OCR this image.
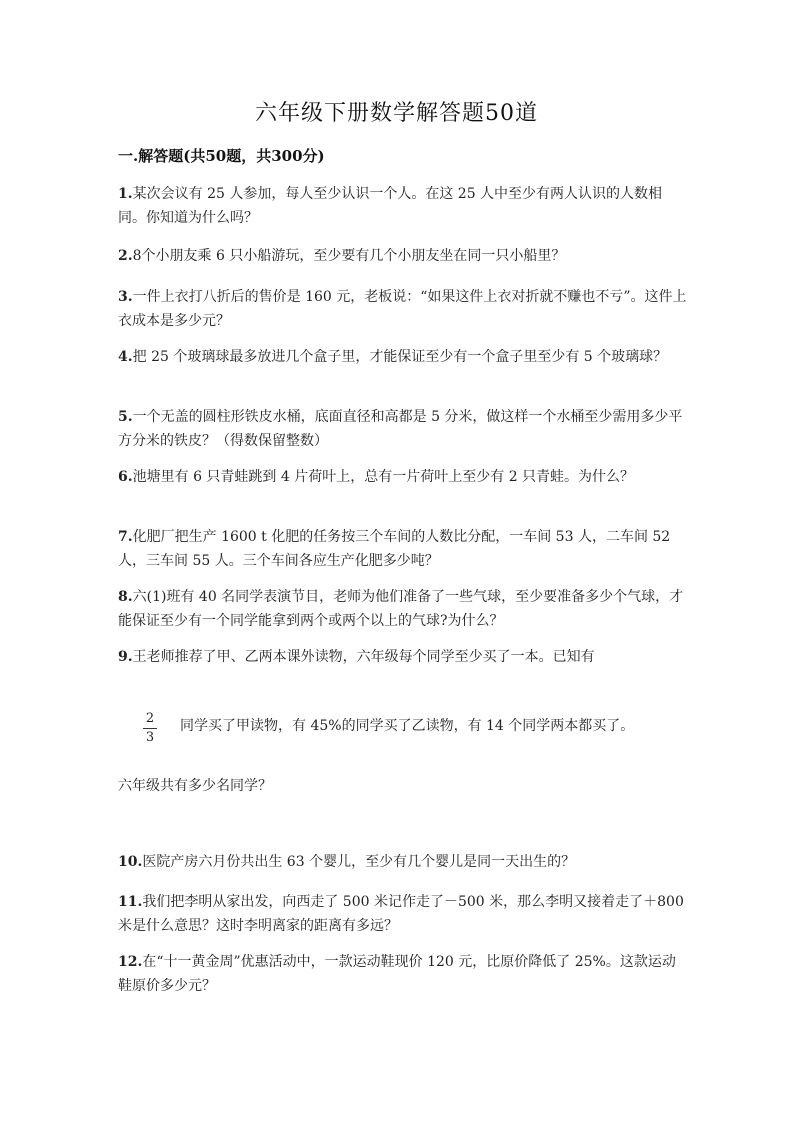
六年级下册数学解答题50道
一.解答题(共50题，共300分)
1.某次会议有 25 人参加，每人至少认识一个人。在这 25 人中至少有两人认识的人数相同。你知道为什么吗？
2.8个小朋友乘 6 只小船游玩，至少要有几个小朋友坐在同一只小船里？
3.一件上衣打八折后的售价是 160 元，老板说：“如果这件上衣对折就不赚也不亏”。这件上衣成本是多少元？
4.把 25 个玻璃球最多放进几个盒子里，才能保证至少有一个盒子里至少有 5 个玻璃球？
5.一个无盖的圆柱形铁皮水桶，底面直径和高都是 5 分米，做这样一个水桶至少需用多少平方分米的铁皮？（得数保留整数）
6.池塘里有 6 只青蛙跳到 4 片荷叶上，总有一片荷叶上至少有 2 只青蛙。为什么？
7.化肥厂把生产 1600 t 化肥的任务按三个车间的人数比分配，一车间 53 人，二车间 52 人，三车间 55 人。三个车间各应生产化肥多少吨？
8.六(1)班有 40 名同学表演节目，老师为他们准备了一些气球，至少要准备多少个气球，才能保证至少有一个同学能拿到两个或两个以上的气球?为什么？
9.王老师推荐了甲、乙两本课外读物，六年级每个同学至少买了一本。已知有
2
3
同学买了甲读物，有 45%的同学买了乙读物，有 14 个同学两本都买了。
六年级共有多少名同学？
10.医院产房六月份共出生 63 个婴儿，至少有几个婴儿是同一天出生的？
11.我们把李明从家出发，向西走了 500 米记作走了－500 米，那么李明又接着走了＋800 米是什么意思？这时李明离家的距离有多远？
12.在“十一黄金周”优惠活动中，一款运动鞋现价 120 元，比原价降低了 25%。这款运动鞋原价多少元？
